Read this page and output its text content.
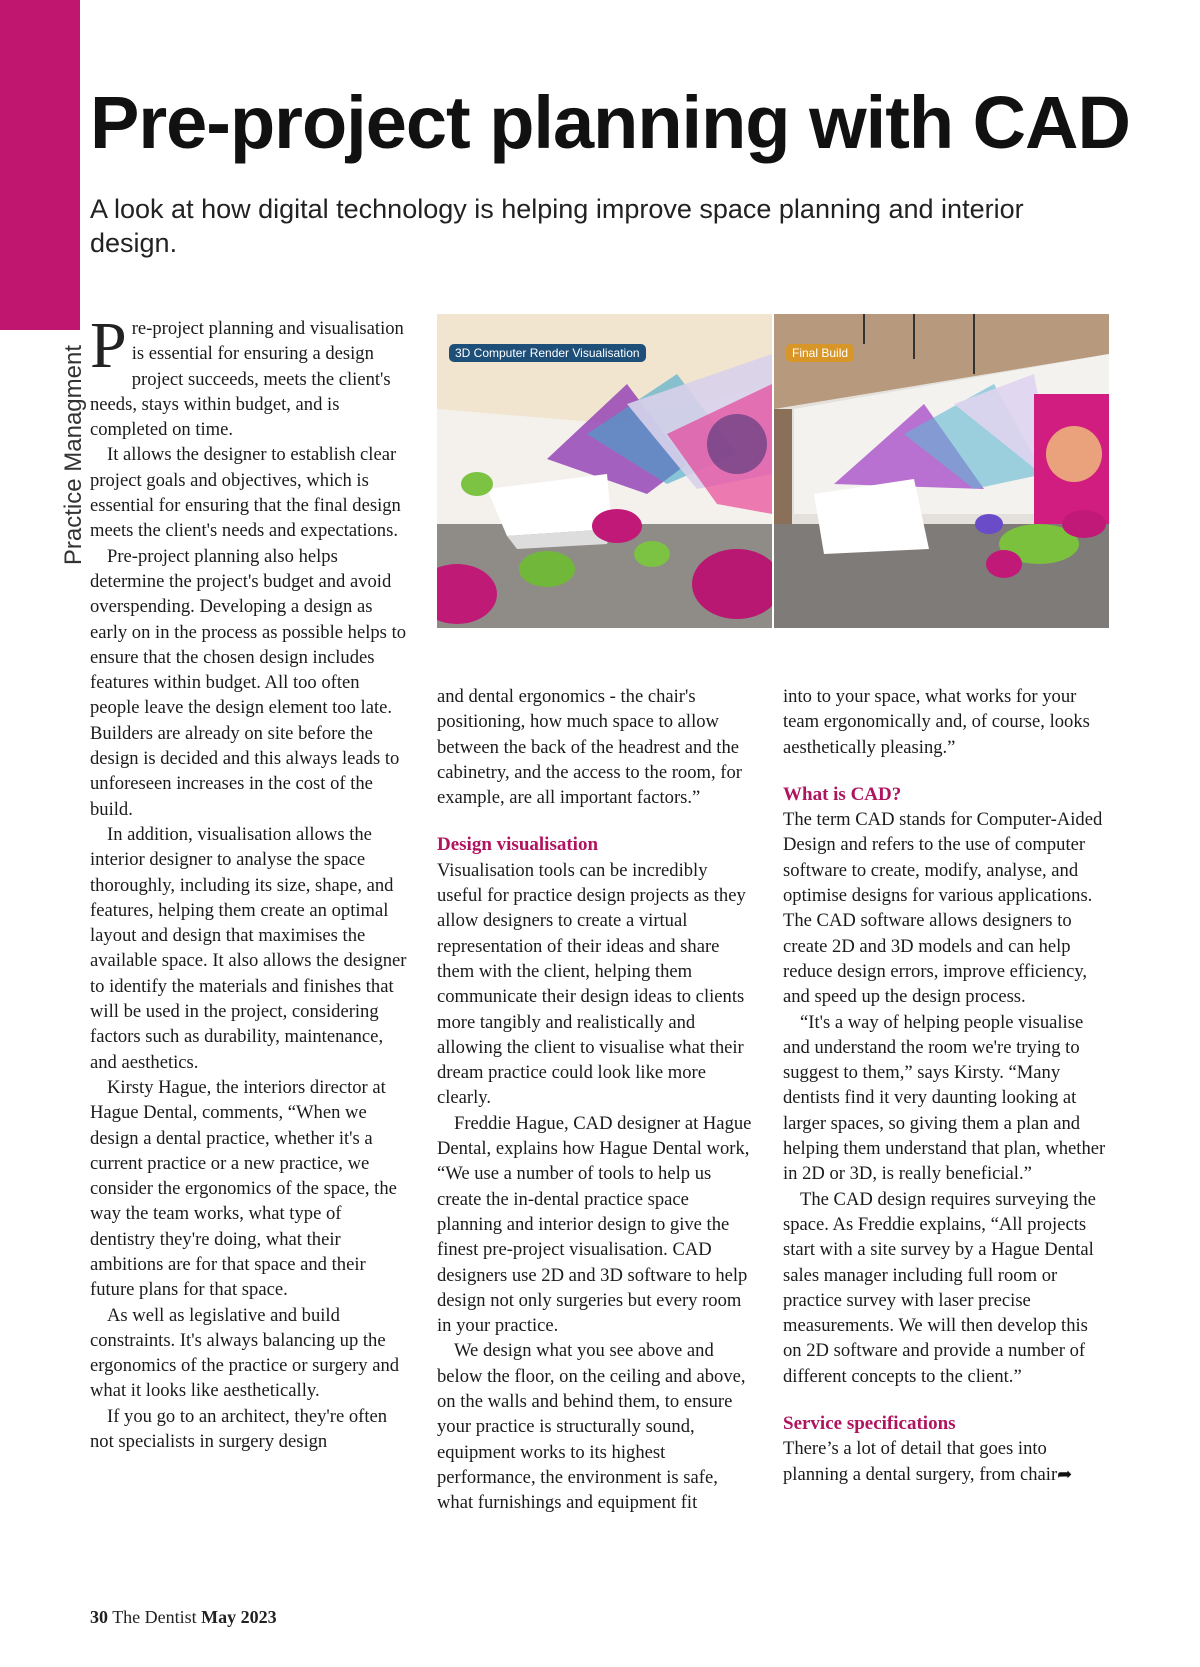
Practice Managment
Pre-project planning with CAD

A look at how digital technology is helping improve space planning and interior design.

Pre-project planning and visualisation is essential for ensuring a design project succeeds, meets the client's needs, stays within budget, and is completed on time.

It allows the designer to establish clear project goals and objectives, which is essential for ensuring that the final design meets the client's needs and expectations.

Pre-project planning also helps determine the project's budget and avoid overspending. Developing a design as early on in the process as possible helps to ensure that the chosen design includes features within budget. All too often people leave the design element too late. Builders are already on site before the design is decided and this always leads to unforeseen increases in the cost of the build.

In addition, visualisation allows the interior designer to analyse the space thoroughly, including its size, shape, and features, helping them create an optimal layout and design that maximises the available space. It also allows the designer to identify the materials and finishes that will be used in the project, considering factors such as durability, maintenance, and aesthetics.

Kirsty Hague, the interiors director at Hague Dental, comments, “When we design a dental practice, whether it's a current practice or a new practice, we consider the ergonomics of the space, the way the team works, what type of dentistry they're doing, what their ambitions are for that space and their future plans for that space.

As well as legislative and build constraints. It's always balancing up the ergonomics of the practice or surgery and what it looks like aesthetically.

If you go to an architect, they're often not specialists in surgery design

3D Computer Render Visualisation	Final Build

and dental ergonomics - the chair's positioning, how much space to allow between the back of the headrest and the cabinetry, and the access to the room, for example, are all important factors.”

Design visualisation

Visualisation tools can be incredibly useful for practice design projects as they allow designers to create a virtual representation of their ideas and share them with the client, helping them communicate their design ideas to clients more tangibly and realistically and allowing the client to visualise what their dream practice could look like more clearly.

Freddie Hague, CAD designer at Hague Dental, explains how Hague Dental work, “We use a number of tools to help us create the in-dental practice space planning and interior design to give the finest pre-project visualisation. CAD designers use 2D and 3D software to help design not only surgeries but every room in your practice.

We design what you see above and below the floor, on the ceiling and above, on the walls and behind them, to ensure your practice is structurally sound, equipment works to its highest performance, the environment is safe, what furnishings and equipment fit

into to your space, what works for your team ergonomically and, of course, looks aesthetically pleasing.”

What is CAD?

The term CAD stands for Computer-Aided Design and refers to the use of computer software to create, modify, analyse, and optimise designs for various applications. The CAD software allows designers to create 2D and 3D models and can help reduce design errors, improve efficiency, and speed up the design process.

“It's a way of helping people visualise and understand the room we're trying to suggest to them,” says Kirsty. “Many dentists find it very daunting looking at larger spaces, so giving them a plan and helping them understand that plan, whether in 2D or 3D, is really beneficial.”

The CAD design requires surveying the space. As Freddie explains, “All projects start with a site survey by a Hague Dental sales manager including full room or practice survey with laser precise measurements. We will then develop this on 2D software and provide a number of different concepts to the client.”

Service specifications

There’s a lot of detail that goes into planning a dental surgery, from chair➦

30 The Dentist May 2023
